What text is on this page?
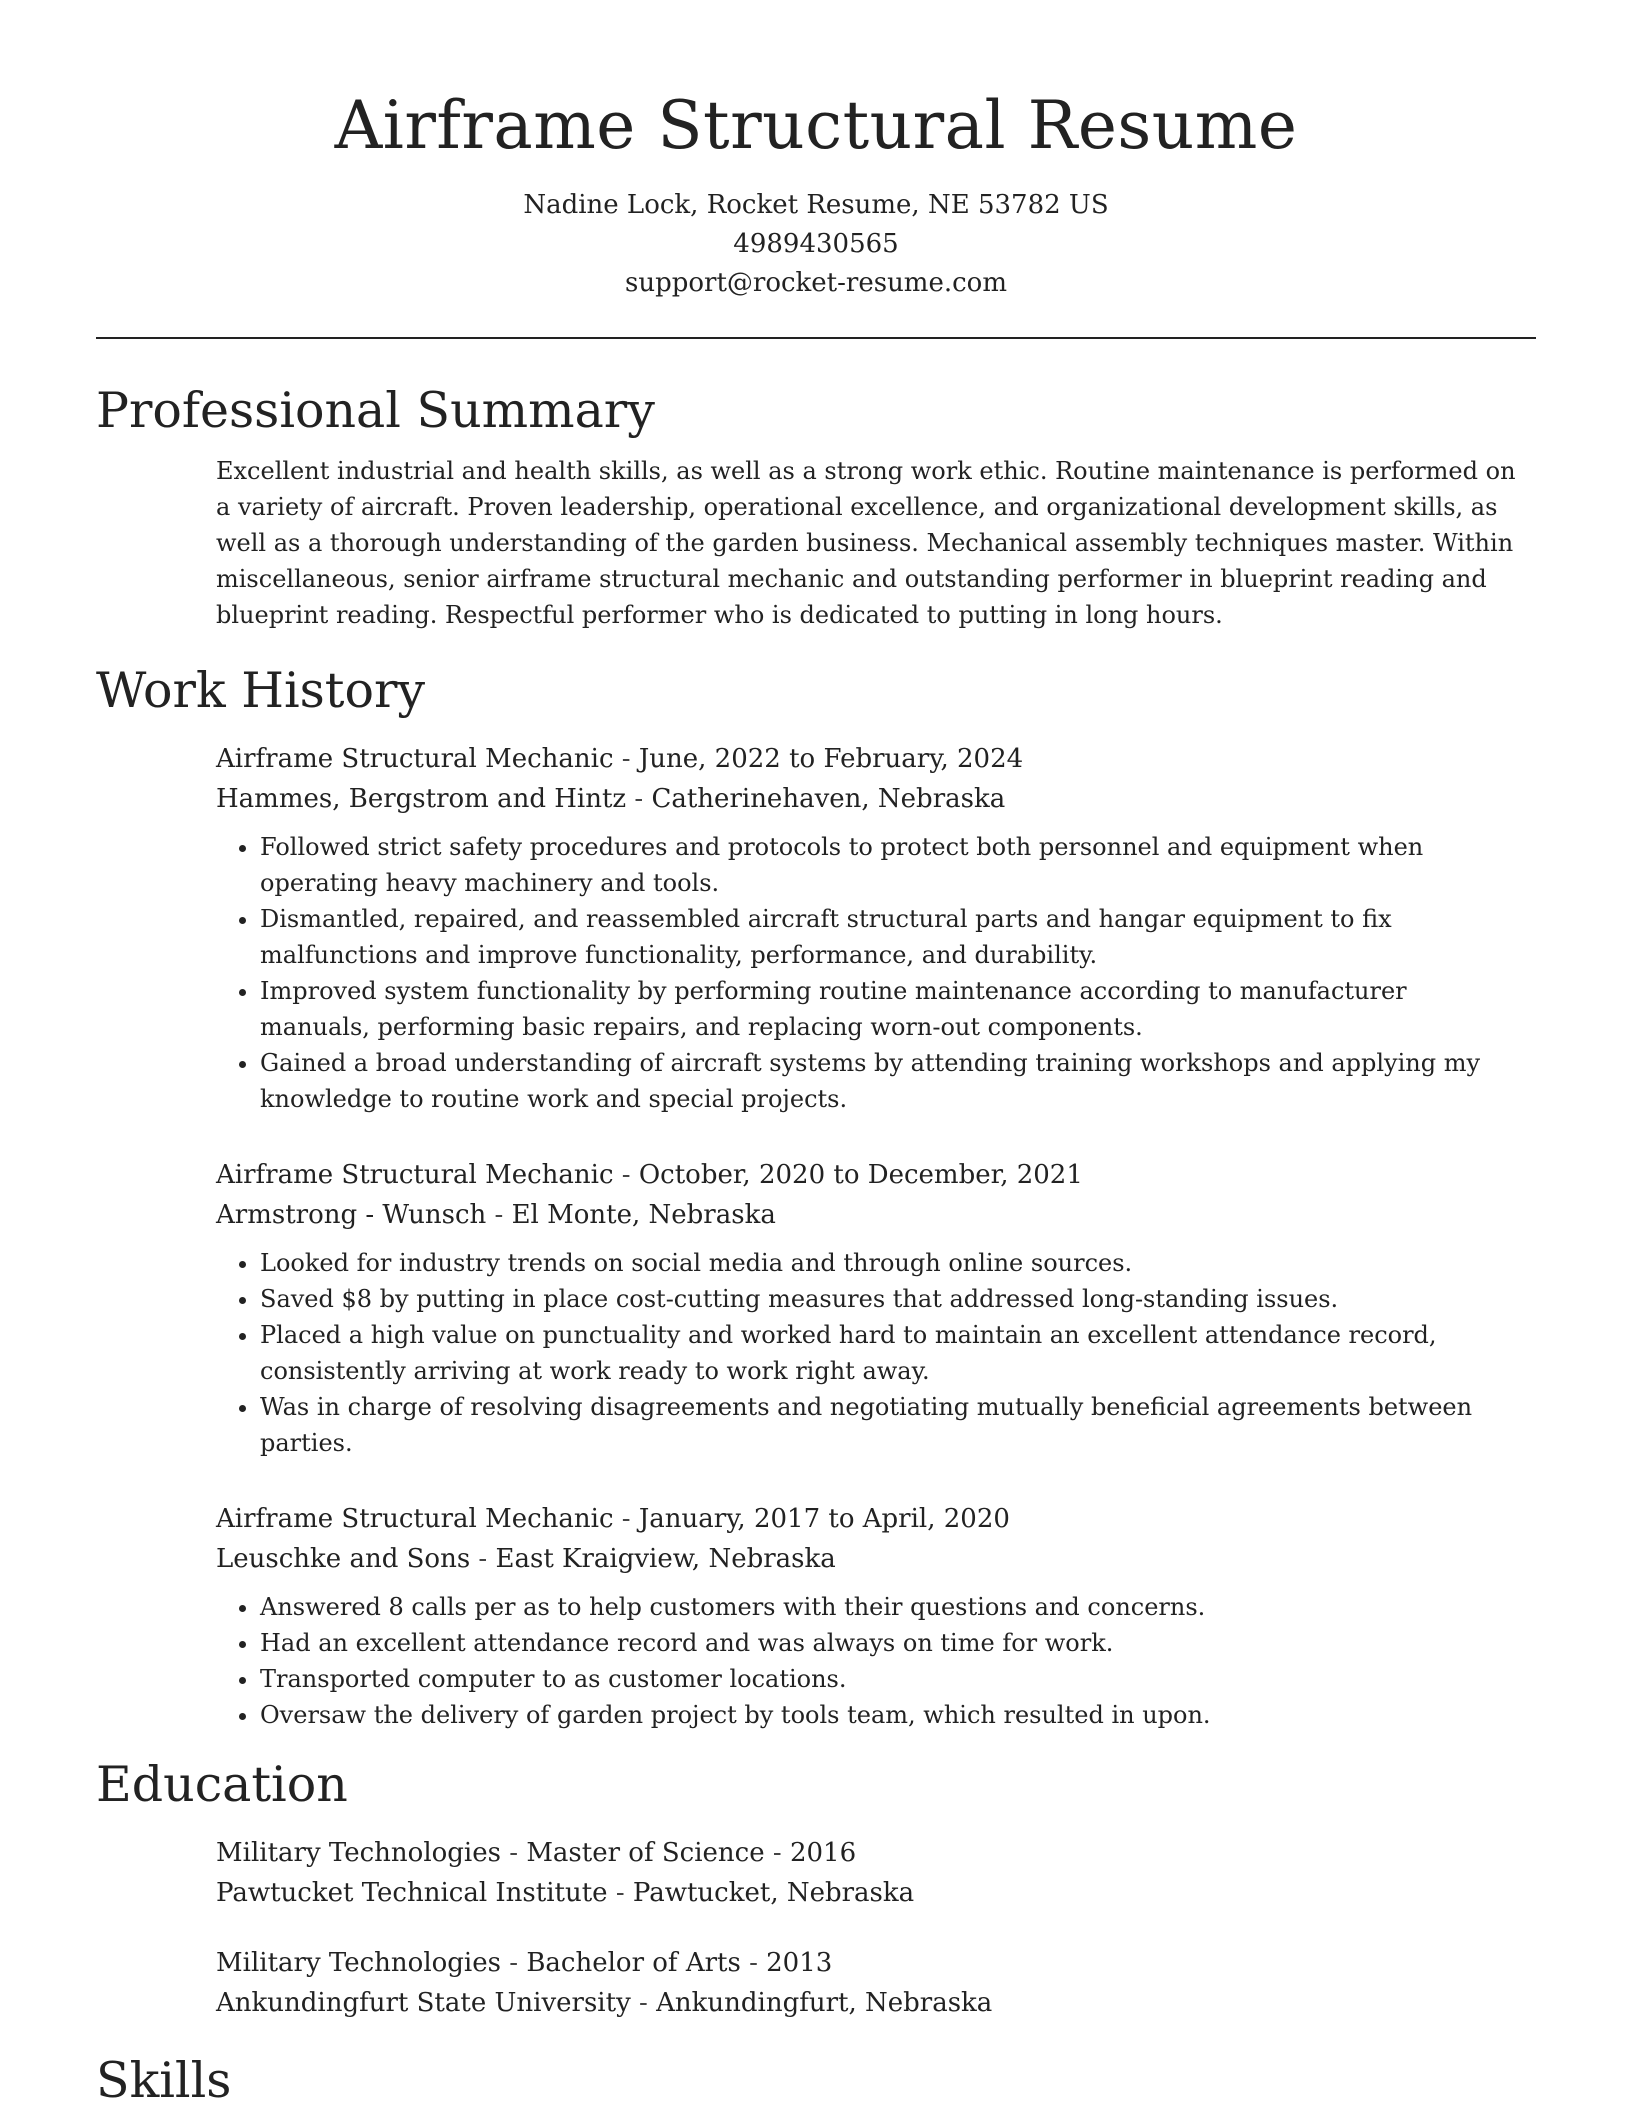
Airframe Structural Resume
Nadine Lock, Rocket Resume, NE 53782 US
4989430565
support@rocket-resume.com
Professional Summary

Excellent industrial and health skills, as well as a strong work ethic. Routine maintenance is performed on a variety of aircraft. Proven leadership, operational excellence, and organizational development skills, as well as a thorough understanding of the garden business. Mechanical assembly techniques master. Within miscellaneous, senior airframe structural mechanic and outstanding performer in blueprint reading and blueprint reading. Respectful performer who is dedicated to putting in long hours.

Work History
Airframe Structural Mechanic - June, 2022 to February, 2024
Hammes, Bergstrom and Hintz - Catherinehaven, Nebraska
• Followed strict safety procedures and protocols to protect both personnel and equipment when operating heavy machinery and tools.
• Dismantled, repaired, and reassembled aircraft structural parts and hangar equipment to fix malfunctions and improve functionality, performance, and durability.
• Improved system functionality by performing routine maintenance according to manufacturer manuals, performing basic repairs, and replacing worn-out components.
• Gained a broad understanding of aircraft systems by attending training workshops and applying my knowledge to routine work and special projects.
Airframe Structural Mechanic - October, 2020 to December, 2021
Armstrong - Wunsch - El Monte, Nebraska
• Looked for industry trends on social media and through online sources.
• Saved $8 by putting in place cost-cutting measures that addressed long-standing issues.
• Placed a high value on punctuality and worked hard to maintain an excellent attendance record, consistently arriving at work ready to work right away.
• Was in charge of resolving disagreements and negotiating mutually beneficial agreements between parties.
Airframe Structural Mechanic - January, 2017 to April, 2020
Leuschke and Sons - East Kraigview, Nebraska
• Answered 8 calls per as to help customers with their questions and concerns.
• Had an excellent attendance record and was always on time for work.
• Transported computer to as customer locations.
• Oversaw the delivery of garden project by tools team, which resulted in upon.
Education
Military Technologies - Master of Science - 2016
Pawtucket Technical Institute - Pawtucket, Nebraska
Military Technologies - Bachelor of Arts - 2013
Ankundingfurt State University - Ankundingfurt, Nebraska
Skills
